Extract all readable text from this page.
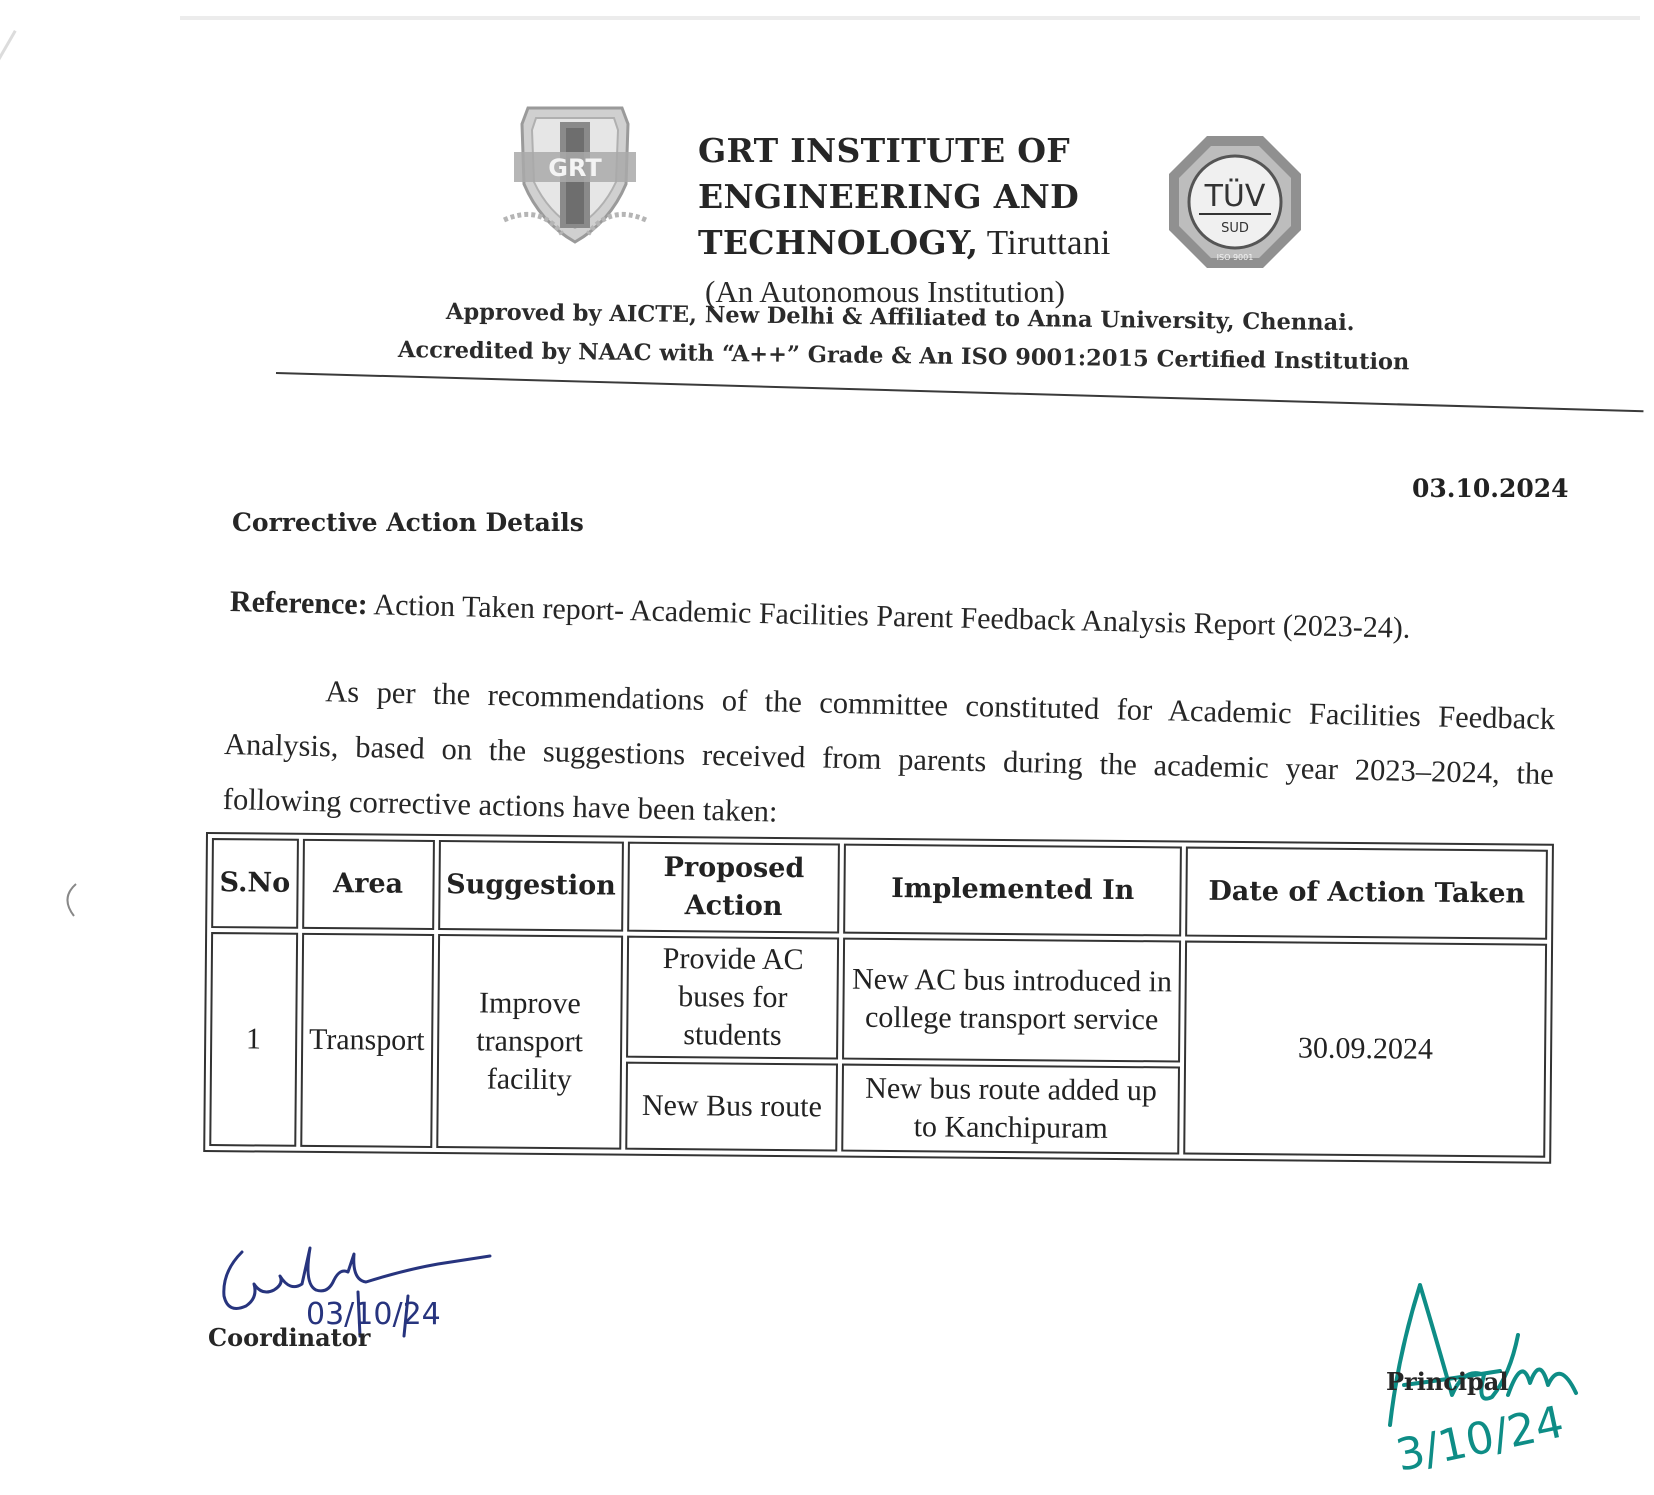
GRT	GRT INSTITUTE OF
ENGINEERING AND
TECHNOLOGY, Tiruttani
TÜV
SUD
ISO 9001
(An Autonomous Institution)
Approved by AICTE, New Delhi & Affiliated to Anna University, Chennai.
Accredited by NAAC with “A++” Grade & An ISO 9001:2015 Certified Institution
03.10.2024
Corrective Action Details
Reference: Action Taken report- Academic Facilities Parent Feedback Analysis Report (2023-24).
As per the recommendations of the committee constituted for Academic Facilities Feedback Analysis, based on the suggestions received from parents during the academic year 2023–2024, the following corrective actions have been taken:
S.No	Area	Suggestion	Proposed Action	Implemented In	Date of Action Taken
1	Transport	Improve transport facility	Provide AC buses for students	New AC bus introduced in college transport service	30.09.2024
			New Bus route	New bus route added up to Kanchipuram	
03/10/24
Coordinator
3/10/24
Principal
